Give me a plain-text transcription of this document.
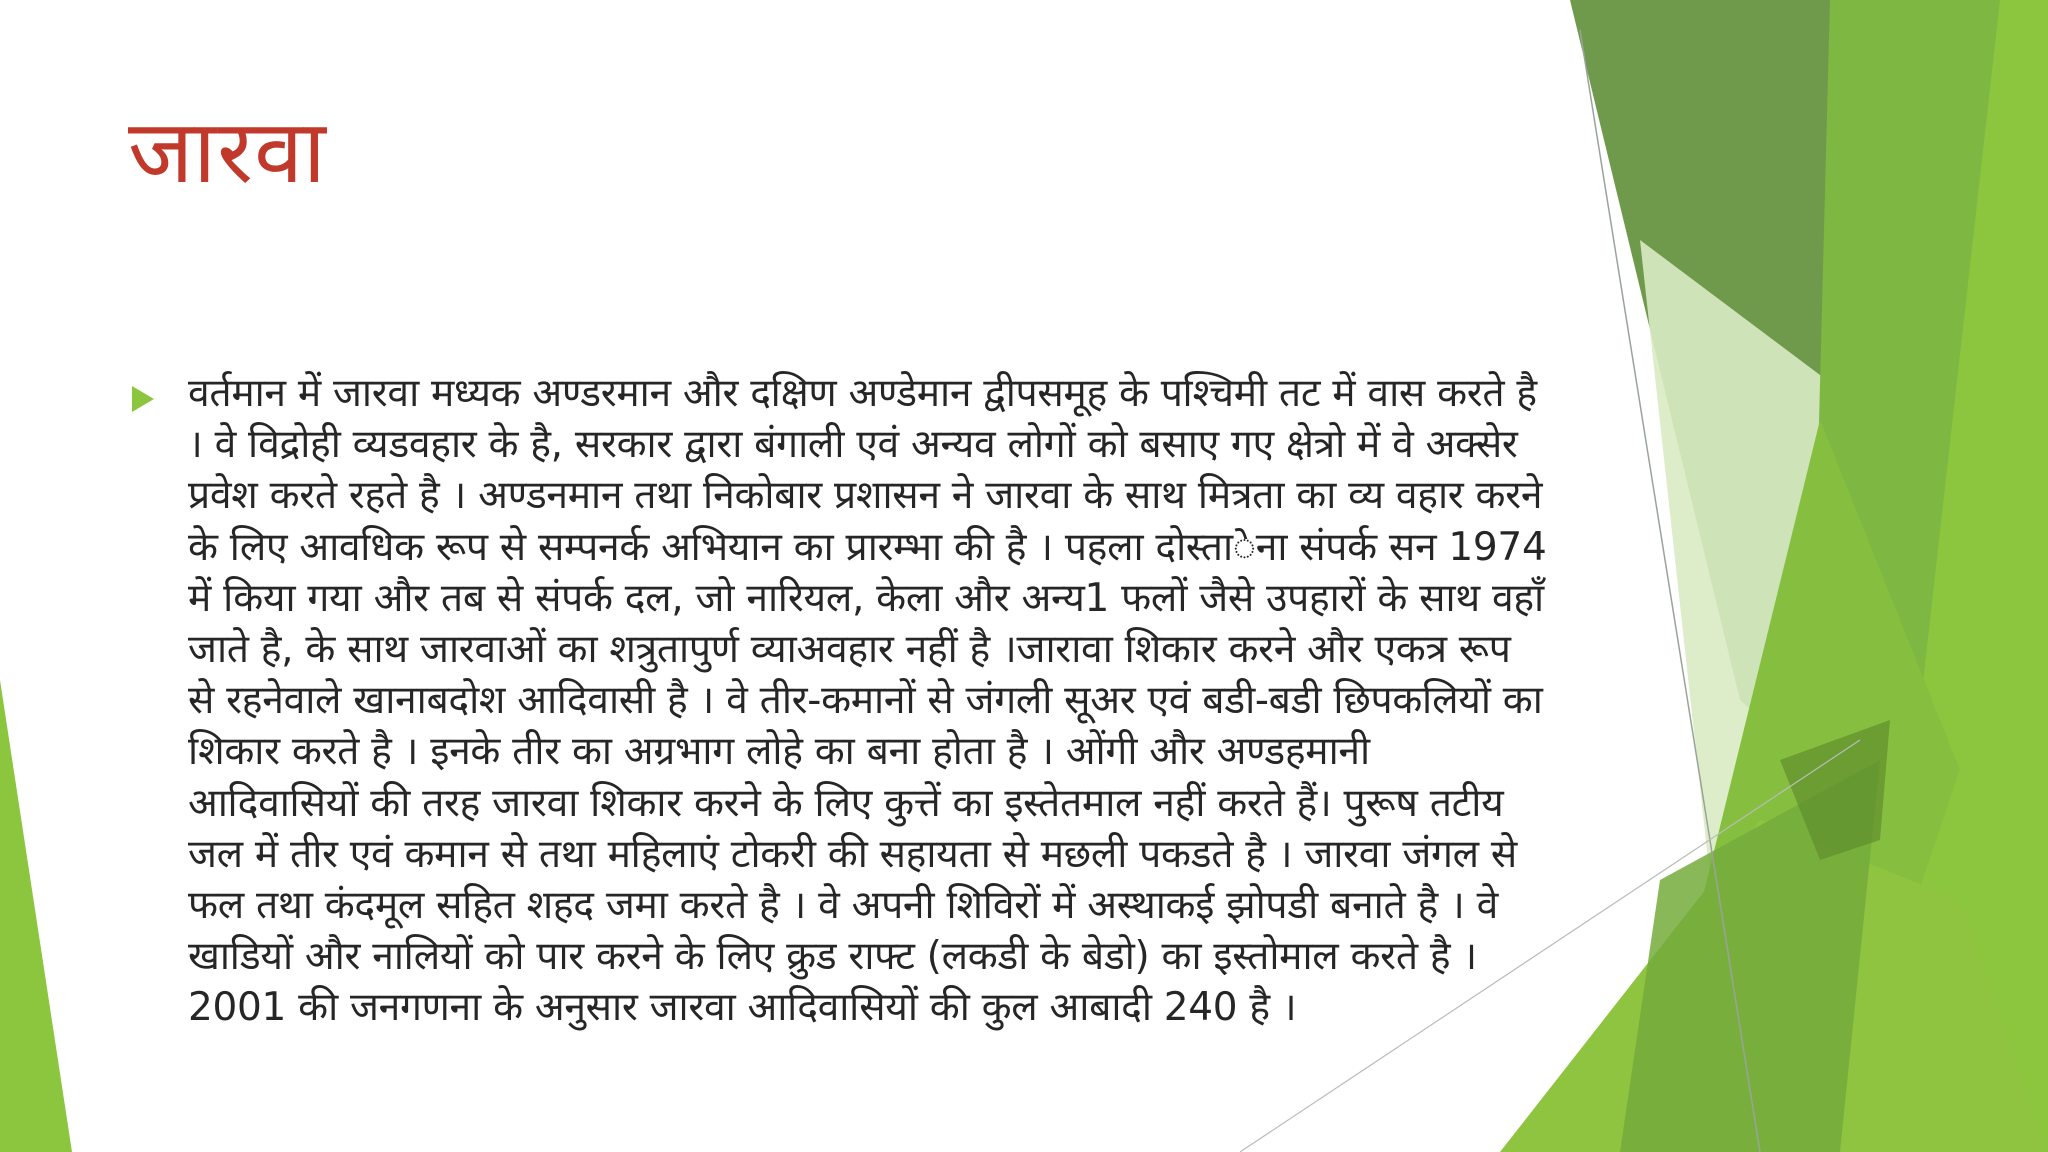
जारवा

वर्तमान में जारवा मध्यक अण्डरमान और दक्षिण अण्डेमान द्वीपसमूह के पश्चिमी तट में वास करते है । वे विद्रोही व्यडवहार के है, सरकार द्वारा बंगाली एवं अन्यव लोगों को बसाए गए क्षेत्रो में वे अक्सेर प्रवेश करते रहते है । अण्डनमान तथा निकोबार प्रशासन ने जारवा के साथ मित्रता का व्य वहार करने के लिए आवधिक रूप से सम्पनर्क अभियान का प्रारम्भा की है । पहला दोस्ता◌ेना संपर्क सन 1974 में किया गया और तब से संपर्क दल, जो नारियल, केला और अन्य1 फलों जैसे उपहारों के साथ वहाँ जाते है, के साथ जारवाओं का शत्रुतापुर्ण व्याअवहार नहीं है ।जारावा शिकार करने और एकत्र रूप से रहनेवाले खानाबदोश आदिवासी है । वे तीर-कमानों से जंगली सूअर एवं बडी-बडी छिपकलियों का शिकार करते है । इनके तीर का अग्रभाग लोहे का बना होता है । ओंगी और अण्डहमानी आदिवासियों की तरह जारवा शिकार करने के लिए कुत्तें का इस्तेतमाल नहीं करते हैं। पुरूष तटीय जल में तीर एवं कमान से तथा महिलाएं टोकरी की सहायता से मछली पकडते है । जारवा जंगल से फल तथा कंदमूल सहित शहद जमा करते है । वे अपनी शिविरों में अस्थाकई झोपडी बनाते है । वे खाडियों और नालियों को पार करने के लिए क्रुड राफ्ट (लकडी के बेडो) का इस्तोमाल करते है । 2001 की जनगणना के अनुसार जारवा आदिवासियों की कुल आबादी 240 है ।
